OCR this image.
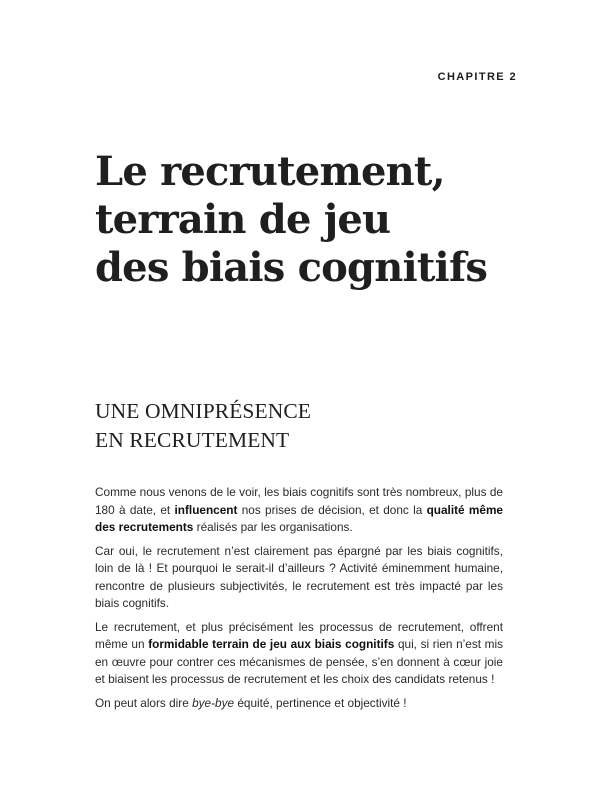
CHAPITRE 2

Le recrutement,
terrain de jeu
des biais cognitifs
UNE OMNIPRÉSENCE
EN RECRUTEMENT

Comme nous venons de le voir, les biais cognitifs sont très nombreux, plus de 180 à date, et influencent nos prises de décision, et donc la qualité même des recrutements réalisés par les organisations.

Car oui, le recrutement n’est clairement pas épargné par les biais cognitifs, loin de là ! Et pourquoi le serait-il d’ailleurs ? Activité éminemment humaine, rencontre de plusieurs subjectivités, le recrutement est très impacté par les biais cognitifs.

Le recrutement, et plus précisément les processus de recrutement, offrent même un formidable terrain de jeu aux biais cognitifs qui, si rien n’est mis en œuvre pour contrer ces mécanismes de pensée, s’en donnent à cœur joie et biaisent les processus de recrutement et les choix des candidats retenus !

On peut alors dire bye-bye équité, pertinence et objectivité !
